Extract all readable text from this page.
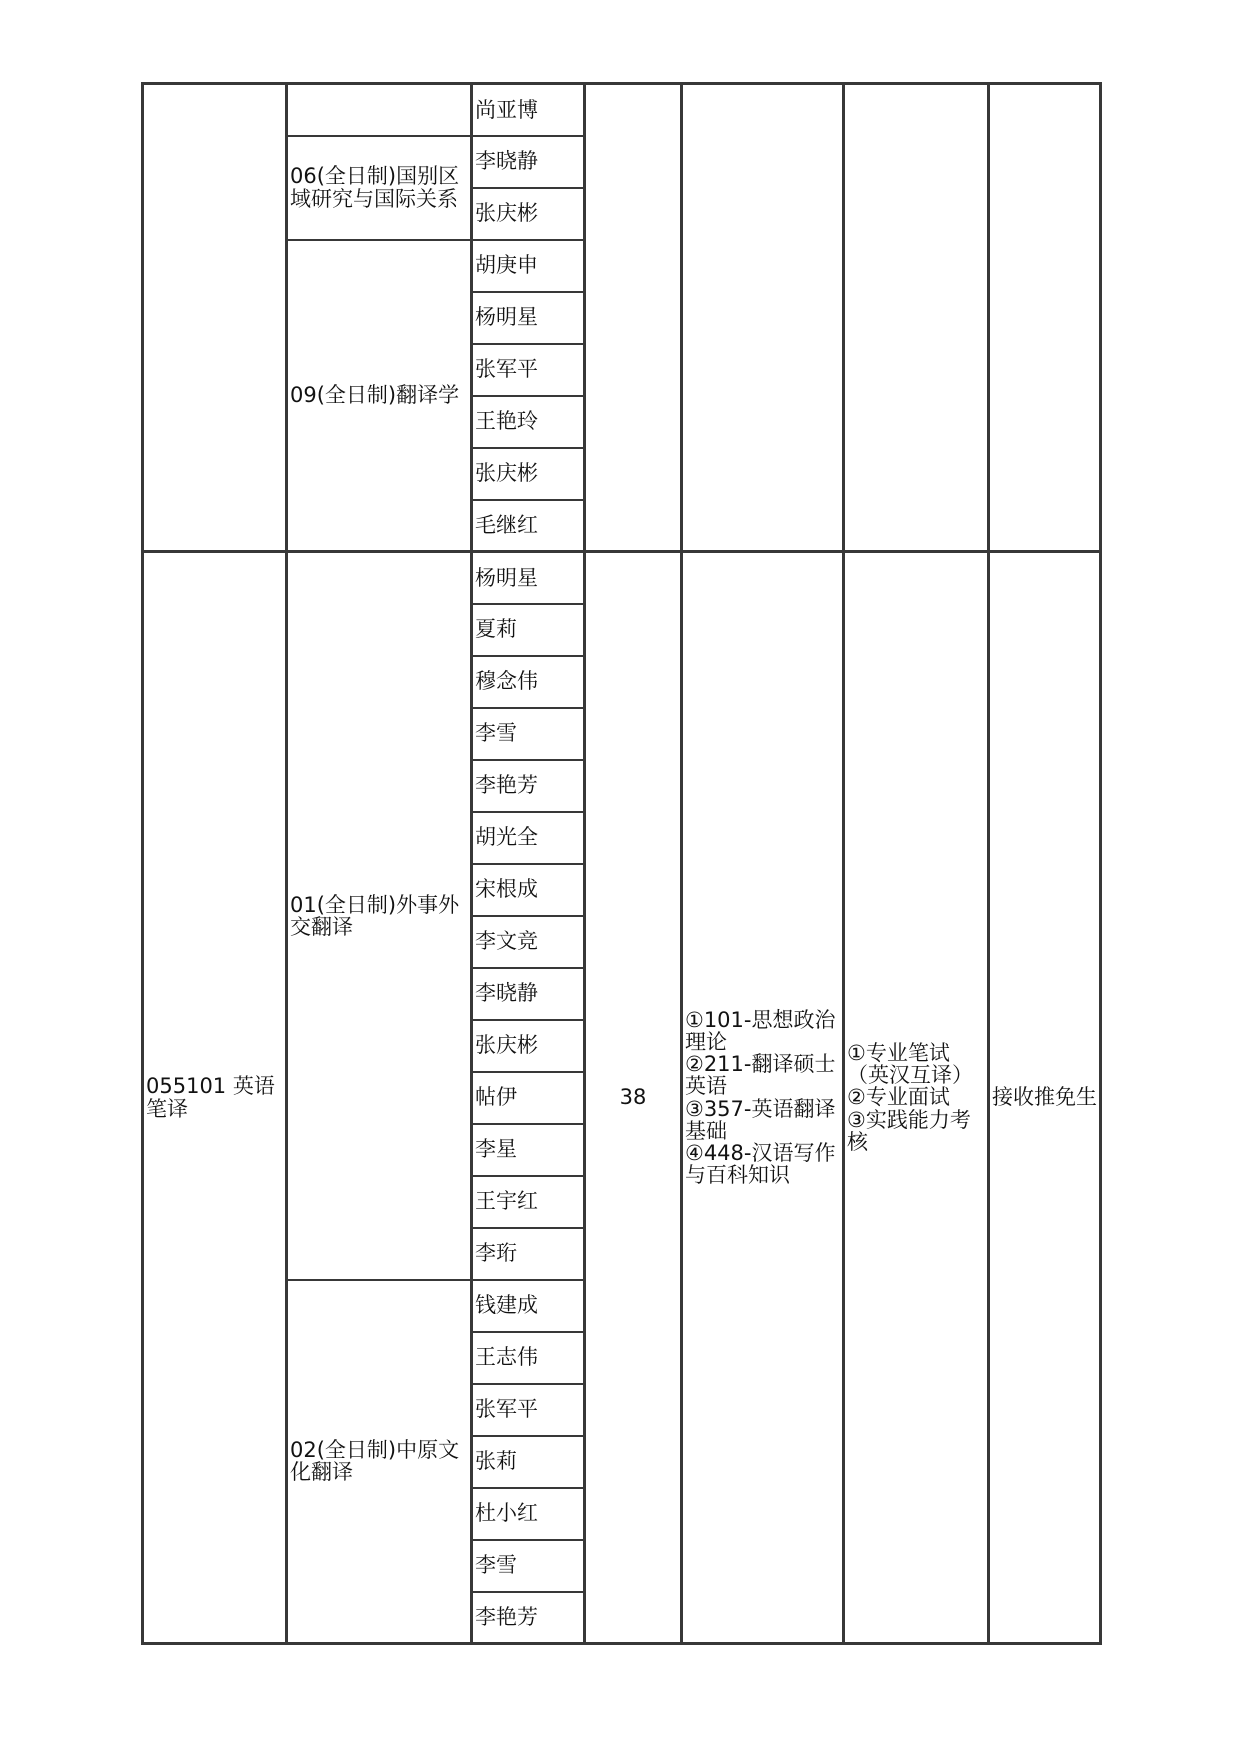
		尚亚博				
	06(全日制)国别区域研究与国际关系	李晓静				
		张庆彬				
	09(全日制)翻译学	胡庚申				
		杨明星				
		张军平				
		王艳玲				
		张庆彬				
		毛继红				
055101 英语笔译	01(全日制)外事外交翻译	杨明星	38	①101-思想政治理论
②211-翻译硕士英语
③357-英语翻译基础
④448-汉语写作与百科知识	①专业笔试
（英汉互译）
②专业面试
③实践能力考核	接收推免生
		夏莉				
		穆念伟				
		李雪				
		李艳芳				
		胡光全				
		宋根成				
		李文竞				
		李晓静				
		张庆彬				
		帖伊				
		李星				
		王宇红				
		李珩				
	02(全日制)中原文化翻译	钱建成				
		王志伟				
		张军平				
		张莉				
		杜小红				
		李雪				
		李艳芳				
